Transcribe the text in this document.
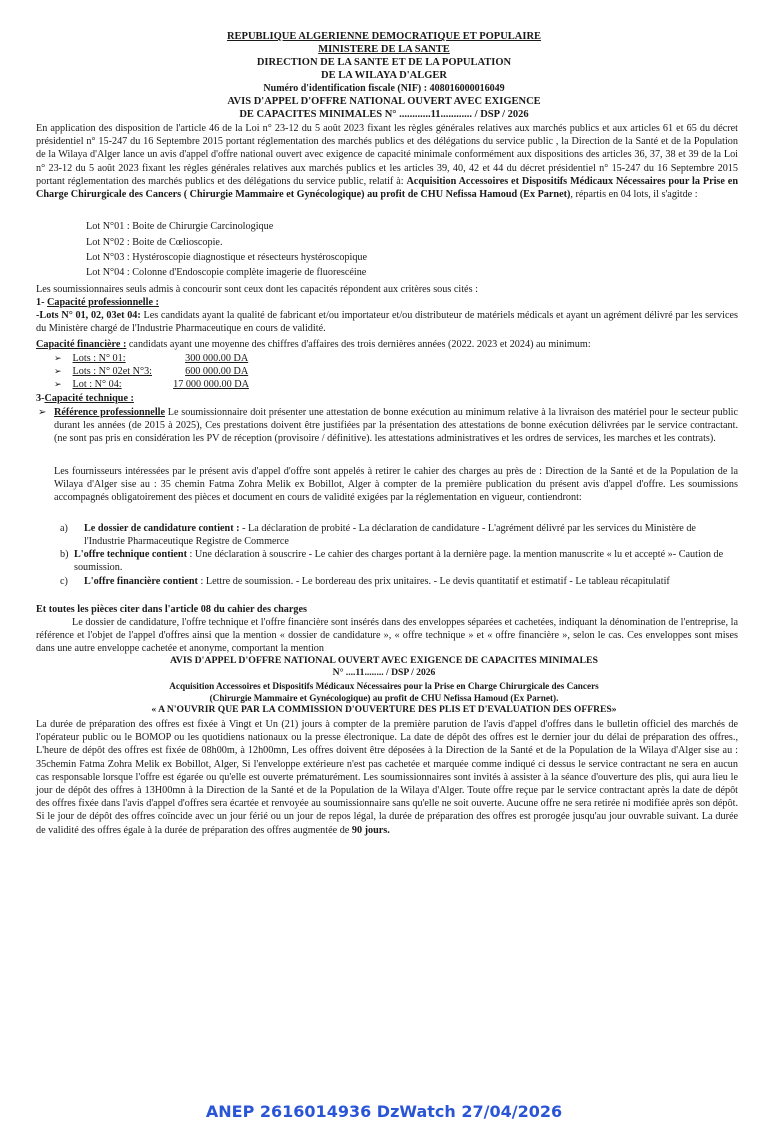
REPUBLIQUE ALGERIENNE DEMOCRATIQUE ET POPULAIRE
MINISTERE DE LA SANTE
DIRECTION DE LA SANTE ET DE LA POPULATION
DE LA WILAYA D'ALGER
Numéro d'identification fiscale (NIF) : 408016000016049
AVIS D'APPEL D'OFFRE NATIONAL OUVERT AVEC EXIGENCE
DE CAPACITES MINIMALES N° ............11............ / DSP / 2026
En application des disposition de l'article 46 de la Loi n° 23-12 du 5 août 2023 fixant les règles générales relatives aux marchés publics et aux articles 61 et 65 du décret présidentiel n° 15-247 du 16 Septembre 2015 portant réglementation des marchés publics et des délégations du service public , la Direction de la Santé et de la Population de la Wilaya d'Alger lance un avis d'appel d'offre national ouvert avec exigence de capacité minimale conformément aux dispositions des articles 36, 37, 38 et 39 de la Loi n° 23-12 du 5 août 2023 fixant les règles générales relatives aux marchés publics et les articles 39, 40, 42 et 44 du décret présidentiel n° 15-247 du 16 Septembre 2015 portant réglementation des marchés publics et des délégations du service public, relatif à: Acquisition Accessoires et Dispositifs Médicaux Nécessaires pour la Prise en Charge Chirurgicale des Cancers ( Chirurgie Mammaire et Gynécologique) au profit de CHU Nefissa Hamoud (Ex Parnet), répartis en 04 lots, il s'agitde :
Lot N°01 : Boite de Chirurgie Carcinologique
Lot N°02 : Boite de Cœlioscopie.
Lot N°03 : Hystéroscopie diagnostique et résecteurs hystéroscopique
Lot N°04 : Colonne d'Endoscopie complète imagerie de fluorescéine
Les soumissionnaires seuls admis à concourir sont ceux dont les capacités répondent aux critères sous cités :
1- Capacité professionnelle :
-Lots N° 01, 02, 03et 04: Les candidats ayant la qualité de fabricant et/ou importateur et/ou distributeur de matériels médicals et ayant un agrément délivré par les services du Ministère chargé de l'Industrie Pharmaceutique en cours de validité.
Capacité financière : candidats ayant une moyenne des chiffres d'affaires des trois dernières années (2022. 2023 et 2024) au minimum:
➢ Lots : N° 01:	300 000.00 DA
➢ Lots : N° 02et N°3:	600 000.00 DA
➢ Lot : N° 04:	17 000 000.00 DA
3-Capacité technique :
➢ Référence professionnelle Le soumissionnaire doit présenter une attestation de bonne exécution au minimum relative à la livraison des matériel pour le secteur public durant les années (de 2015 à 2025), Ces prestations doivent être justifiées par la présentation des attestations de bonne exécution délivrées par le service contractant. (ne sont pas pris en considération les PV de réception (provisoire / définitive). les attestations administratives et les ordres de services, les marches et les contrats).
Les fournisseurs intéressées par le présent avis d'appel d'offre sont appelés à retirer le cahier des charges au près de : Direction de la Santé et de la Population de la Wilaya d'Alger sise au : 35 chemin Fatma Zohra Melik ex Bobillot, Alger à compter de la première publication du présent avis d'appel d'offre. Les soumissions accompagnés obligatoirement des pièces et document en cours de validité exigées par la réglementation en vigueur, contiendront:
a) Le dossier de candidature contient : - La déclaration de probité - La déclaration de candidature - L'agrément délivré par les services du Ministère de l'Industrie Pharmaceutique Registre de Commerce
b) L'offre technique contient : Une déclaration à souscrire - Le cahier des charges portant à la dernière page. la mention manuscrite « lu et accepté »- Caution de soumission.
c) L'offre financière contient : Lettre de soumission. - Le bordereau des prix unitaires. - Le devis quantitatif et estimatif - Le tableau récapitulatif
Et toutes les pièces citer dans l'article 08 du cahier des charges
Le dossier de candidature, l'offre technique et l'offre financière sont insérés dans des enveloppes séparées et cachetées, indiquant la dénomination de l'entreprise, la référence et l'objet de l'appel d'offres ainsi que la mention « dossier de candidature », « offre technique » et « offre financière », selon le cas. Ces enveloppes sont mises dans une autre enveloppe cachetée et anonyme, comportant la mention
AVIS D'APPEL D'OFFRE NATIONAL OUVERT AVEC EXIGENCE DE CAPACITES MINIMALES
N° ....11........ / DSP / 2026
Acquisition Accessoires et Dispositifs Médicaux Nécessaires pour la Prise en Charge Chirurgicale des Cancers
(Chirurgie Mammaire et Gynécologique) au profit de CHU Nefissa Hamoud (Ex Parnet).
« A N'OUVRIR QUE PAR LA COMMISSION D'OUVERTURE DES PLIS ET D'EVALUATION DES OFFRES»
La durée de préparation des offres est fixée à Vingt et Un (21) jours à compter de la première parution de l'avis d'appel d'offres dans le bulletin officiel des marchés de l'opérateur public ou le BOMOP ou les quotidiens nationaux ou la presse électronique. La date de dépôt des offres est le dernier jour du délai de préparation des offres., L'heure de dépôt des offres est fixée de 08h00m, à 12h00mn, Les offres doivent être déposées à la Direction de la Santé et de la Population de la Wilaya d'Alger sise au : 35chemin Fatma Zohra Melik ex Bobillot, Alger, Si l'enveloppe extérieure n'est pas cachetée et marquée comme indiqué ci dessus le service contractant ne sera en aucun cas responsable lorsque l'offre est égarée ou qu'elle est ouverte prématurément. Les soumissionnaires sont invités à assister à la séance d'ouverture des plis, qui aura lieu le jour de dépôt des offres à 13H00mn à la Direction de la Santé et de la Population de la Wilaya d'Alger. Toute offre reçue par le service contractant après la date de dépôt des offres fixée dans l'avis d'appel d'offres sera écartée et renvoyée au soumissionnaire sans qu'elle ne soit ouverte. Aucune offre ne sera retirée ni modifiée après son dépôt. Si le jour de dépôt des offres coïncide avec un jour férié ou un jour de repos légal, la durée de préparation des offres est prorogée jusqu'au jour ouvrable suivant. La durée de validité des offres égale à la durée de préparation des offres augmentée de 90 jours.
ANEP 2616014936 DzWatch 27/04/2026
